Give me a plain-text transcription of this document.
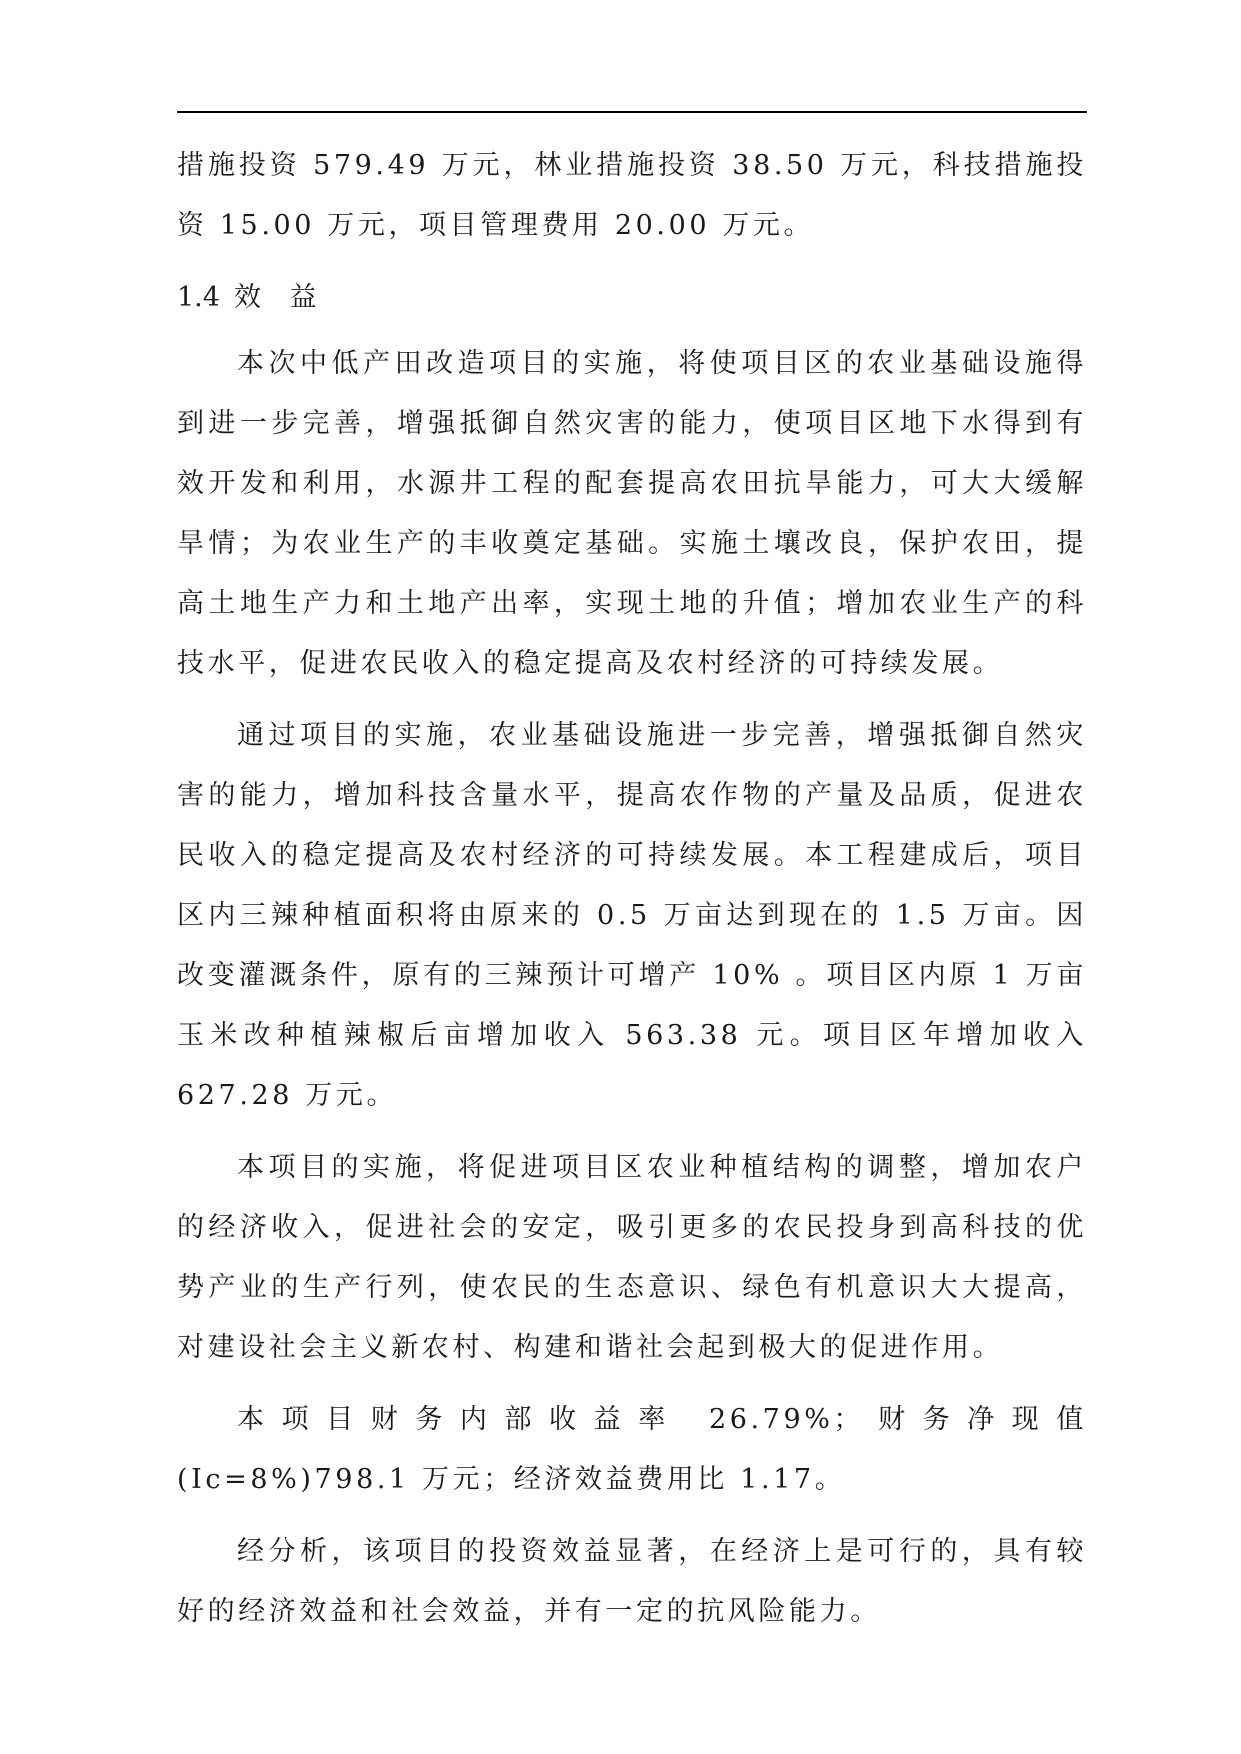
措施投资 579.49 万元，林业措施投资 38.50 万元，科技措施投资 15.00 万元，项目管理费用 20.00 万元。

1.4 效 益

本次中低产田改造项目的实施，将使项目区的农业基础设施得到进一步完善，增强抵御自然灾害的能力，使项目区地下水得到有效开发和利用，水源井工程的配套提高农田抗旱能力，可大大缓解旱情；为农业生产的丰收奠定基础。实施土壤改良，保护农田，提高土地生产力和土地产出率，实现土地的升值；增加农业生产的科技水平，促进农民收入的稳定提高及农村经济的可持续发展。

通过项目的实施，农业基础设施进一步完善，增强抵御自然灾害的能力，增加科技含量水平，提高农作物的产量及品质，促进农民收入的稳定提高及农村经济的可持续发展。本工程建成后，项目区内三辣种植面积将由原来的 0.5 万亩达到现在的 1.5 万亩。因改变灌溉条件，原有的三辣预计可增产 10% 。项目区内原 1 万亩玉米改种植辣椒后亩增加收入 563.38 元。项目区年增加收入 627.28 万元。

本项目的实施，将促进项目区农业种植结构的调整，增加农户的经济收入，促进社会的安定，吸引更多的农民投身到高科技的优势产业的生产行列，使农民的生态意识、绿色有机意识大大提高，对建设社会主义新农村、构建和谐社会起到极大的促进作用。

本项目财务内部收益率 26.79%；财务净现值(Ic=8%)798.1 万元；经济效益费用比 1.17。

经分析，该项目的投资效益显著，在经济上是可行的，具有较好的经济效益和社会效益，并有一定的抗风险能力。
